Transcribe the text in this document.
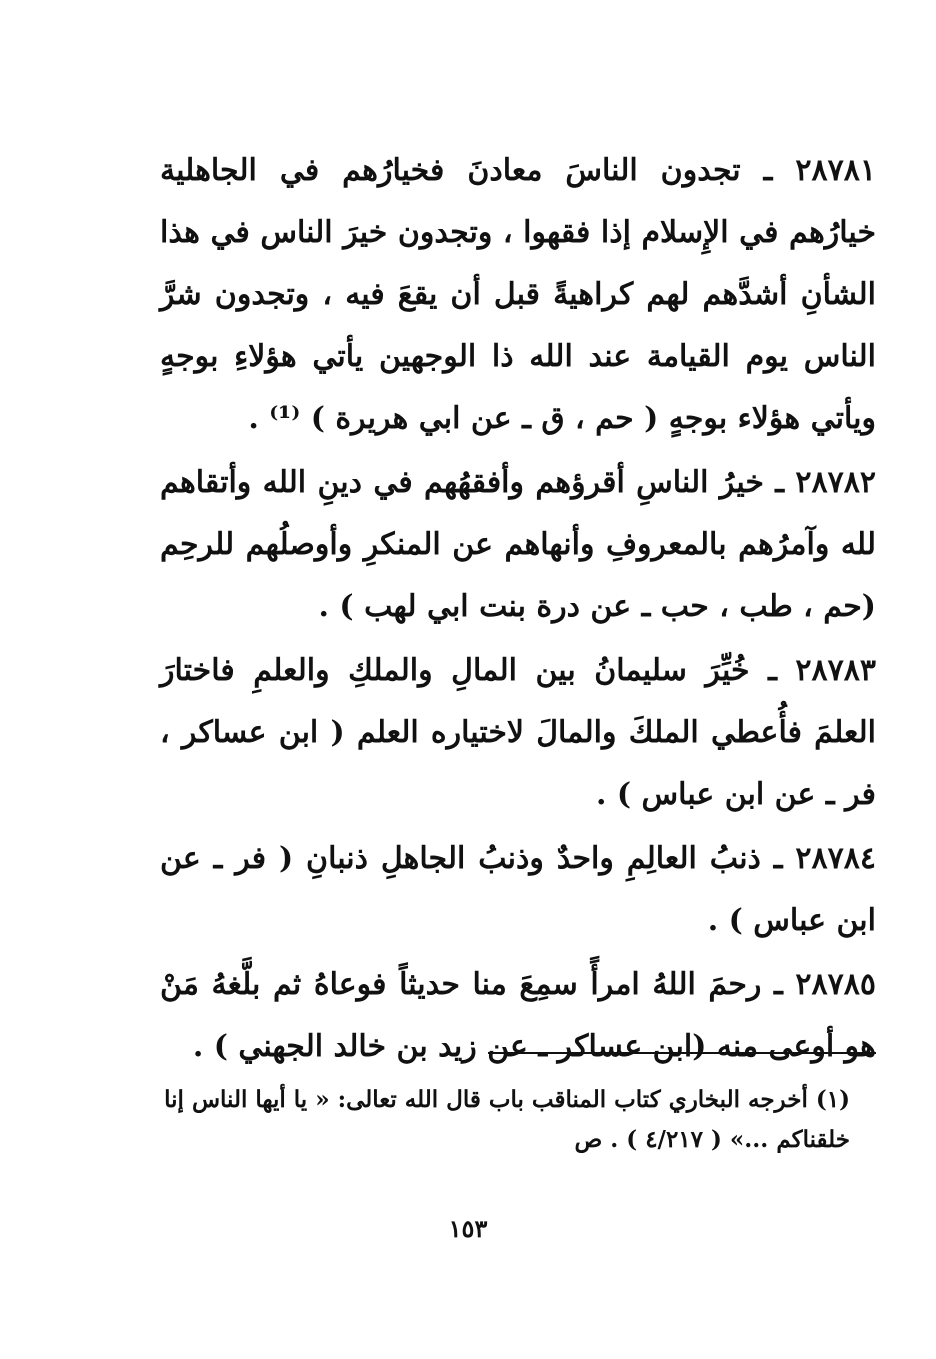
٢٨٧٨١ ـ تجدون الناسَ معادنَ فخيارُهم في الجاهلية خيارُهم في الإِسلام إذا فقهوا ، وتجدون خيرَ الناس في هذا الشأنِ أشدَّهم لهم كراهيةً قبل أن يقعَ فيه ، وتجدون شرَّ الناس يوم القيامة عند الله ذا الوجهين يأتي هؤلاءِ بوجهٍ ويأتي هؤلاء بوجهٍ ( حم ، ق ـ عن ابي هريرة ) ⁽¹⁾ .

٢٨٧٨٢ ـ خيرُ الناسِ أقرؤهم وأفقهُهم في دينِ الله وأتقاهم لله وآمرُهم بالمعروفِ وأنهاهم عن المنكرِ وأوصلُهم للرحِم (حم ، طب ، حب ـ عن درة بنت ابي لهب ) .

٢٨٧٨٣ ـ خُيِّرَ سليمانُ بين المالِ والملكِ والعلمِ فاختارَ العلمَ فأُعطي الملكَ والمالَ لاختياره العلم ( ابن عساكر ، فر ـ عن ابن عباس ) .

٢٨٧٨٤ ـ ذنبُ العالِمِ واحدٌ وذنبُ الجاهلِ ذنبانِ ( فر ـ عن ابن عباس ) .

٢٨٧٨٥ ـ رحمَ اللهُ امرأً سمِعَ منا حديثاً فوعاهُ ثم بلَّغهُ مَنْ هو أوعى منه (ابن عساكر ـ عن زيد بن خالد الجهني ) .

(١) أخرجه البخاري كتاب المناقب باب قال الله تعالى: « يا أيها الناس إنا خلقناكم ...» ( ٤/٢١٧ ) . ص
١٥٣
